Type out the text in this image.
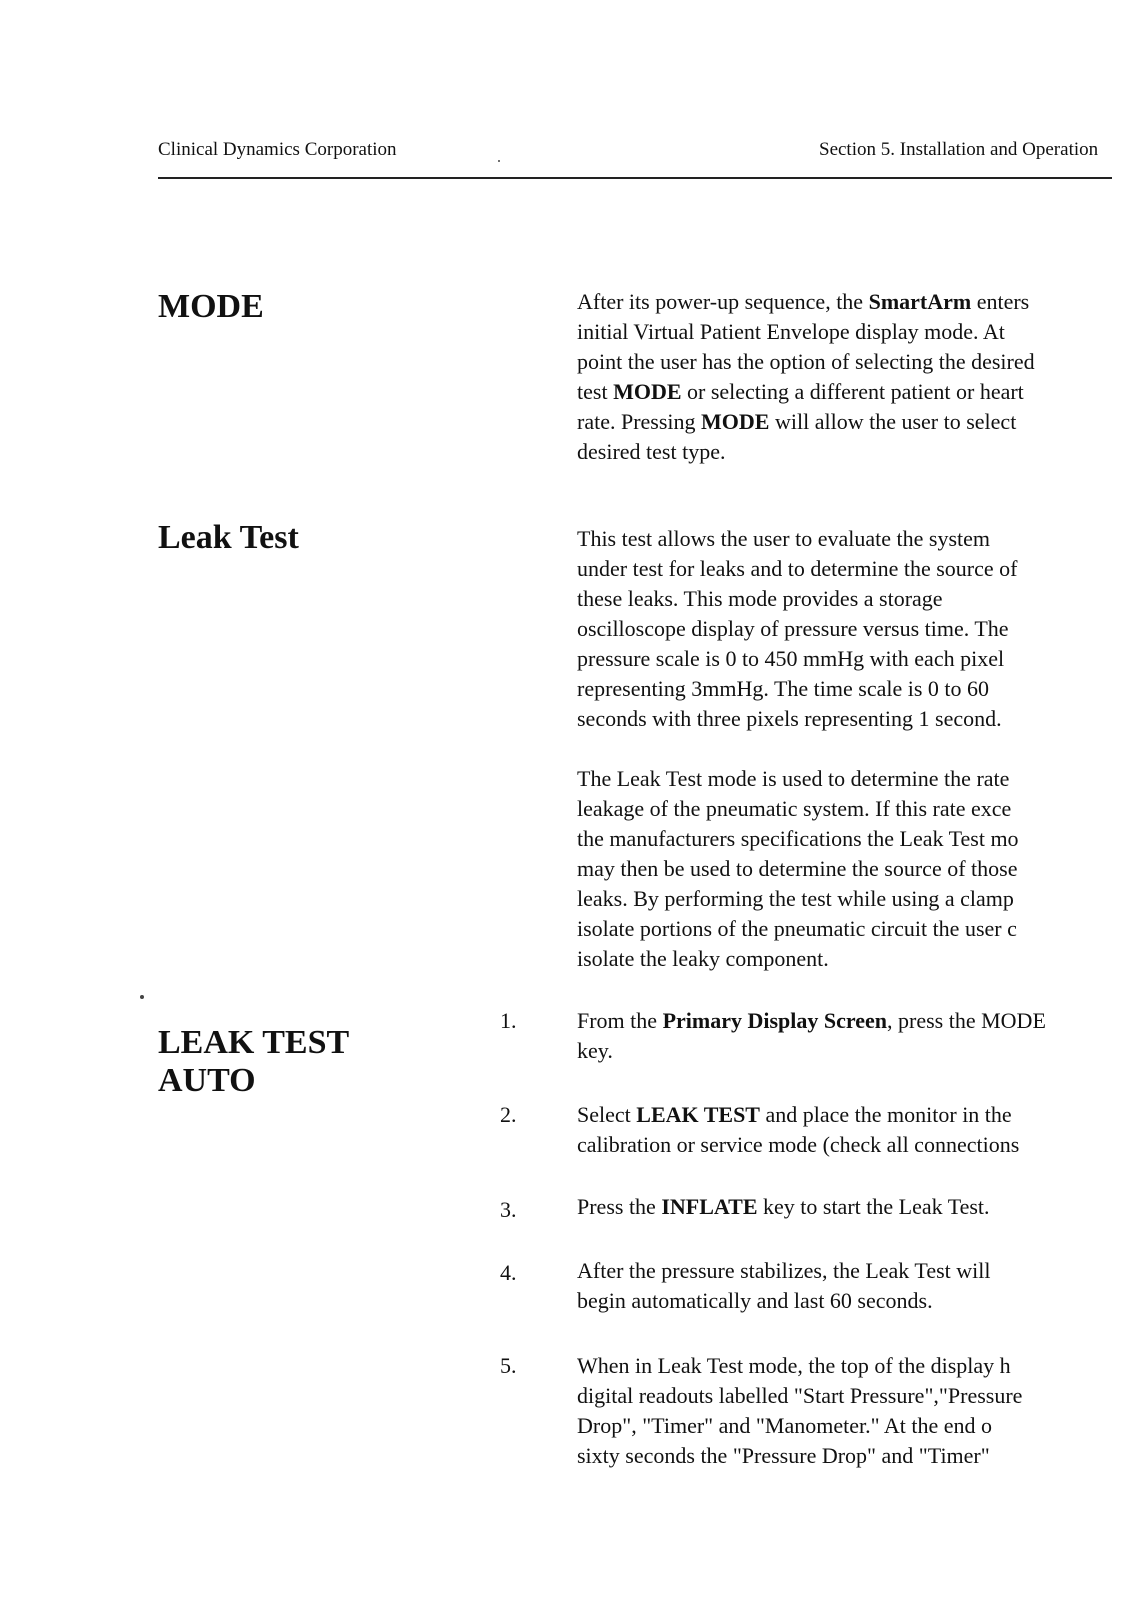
Clinical Dynamics Corporation	Section 5. Installation and Operation
MODE	After its power-up sequence, the SmartArm enters
initial Virtual Patient Envelope display mode. At
point the user has the option of selecting the desired
test MODE or selecting a different patient or heart
rate. Pressing MODE will allow the user to select
desired test type.
Leak Test	This test allows the user to evaluate the system
under test for leaks and to determine the source of
these leaks. This mode provides a storage
oscilloscope display of pressure versus time. The
pressure scale is 0 to 450 mmHg with each pixel
representing 3mmHg. The time scale is 0 to 60
seconds with three pixels representing 1 second.
The Leak Test mode is used to determine the rate
leakage of the pneumatic system. If this rate exce
the manufacturers specifications the Leak Test mo
may then be used to determine the source of those
leaks. By performing the test while using a clamp
isolate portions of the pneumatic circuit the user c
isolate the leaky component.
LEAK TEST
AUTO
1.	From the Primary Display Screen, press the MODE
key.
2.	Select LEAK TEST and place the monitor in the
calibration or service mode (check all connections
3.	Press the INFLATE key to start the Leak Test.
4.	After the pressure stabilizes, the Leak Test will
begin automatically and last 60 seconds.
5.	When in Leak Test mode, the top of the display h
digital readouts labelled "Start Pressure","Pressure
Drop", "Timer" and "Manometer." At the end o
sixty seconds the "Pressure Drop" and "Timer"
